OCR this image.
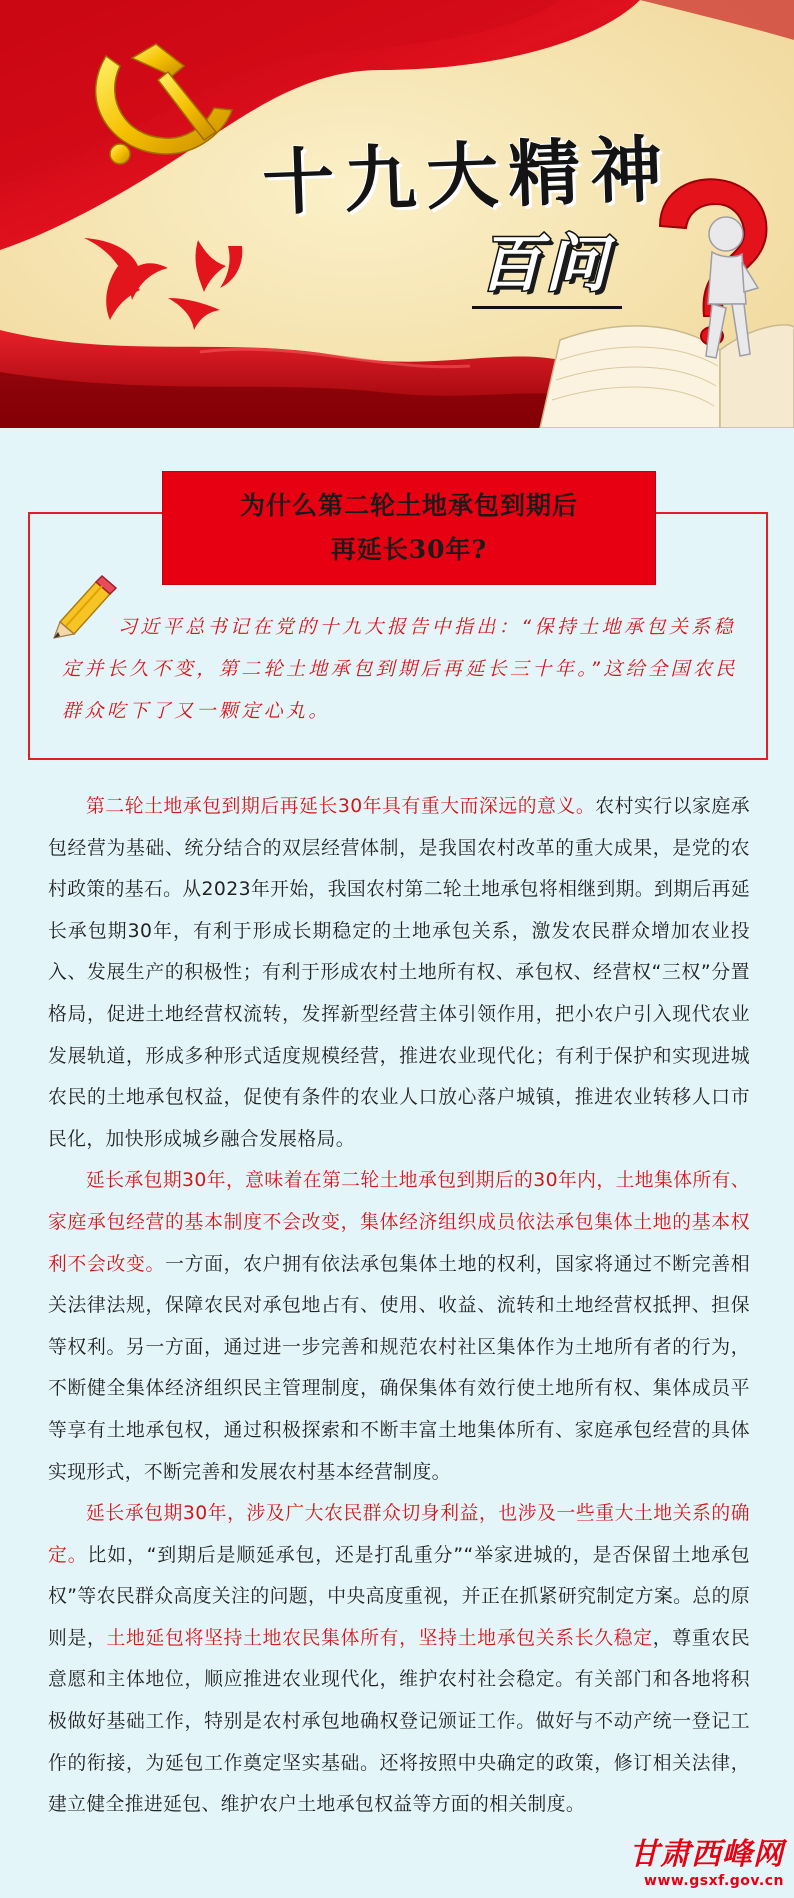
十九大精神
百问
为什么第二轮土地承包到期后
再延长30年?

习近平总书记在党的十九大报告中指出：“保持土地承包关系稳定并长久不变，第二轮土地承包到期后再延长三十年。”这给全国农民群众吃下了又一颗定心丸。

第二轮土地承包到期后再延长30年具有重大而深远的意义。农村实行以家庭承包经营为基础、统分结合的双层经营体制，是我国农村改革的重大成果，是党的农村政策的基石。从2023年开始，我国农村第二轮土地承包将相继到期。到期后再延长承包期30年，有利于形成长期稳定的土地承包关系，激发农民群众增加农业投入、发展生产的积极性；有利于形成农村土地所有权、承包权、经营权“三权”分置格局，促进土地经营权流转，发挥新型经营主体引领作用，把小农户引入现代农业发展轨道，形成多种形式适度规模经营，推进农业现代化；有利于保护和实现进城农民的土地承包权益，促使有条件的农业人口放心落户城镇，推进农业转移人口市民化，加快形成城乡融合发展格局。

延长承包期30年，意味着在第二轮土地承包到期后的30年内，土地集体所有、家庭承包经营的基本制度不会改变，集体经济组织成员依法承包集体土地的基本权利不会改变。一方面，农户拥有依法承包集体土地的权利，国家将通过不断完善相关法律法规，保障农民对承包地占有、使用、收益、流转和土地经营权抵押、担保等权利。另一方面，通过进一步完善和规范农村社区集体作为土地所有者的行为，不断健全集体经济组织民主管理制度，确保集体有效行使土地所有权、集体成员平等享有土地承包权，通过积极探索和不断丰富土地集体所有、家庭承包经营的具体实现形式，不断完善和发展农村基本经营制度。

延长承包期30年，涉及广大农民群众切身利益，也涉及一些重大土地关系的确定。比如，“到期后是顺延承包，还是打乱重分”“举家进城的，是否保留土地承包权”等农民群众高度关注的问题，中央高度重视，并正在抓紧研究制定方案。总的原则是，土地延包将坚持土地农民集体所有，坚持土地承包关系长久稳定，尊重农民意愿和主体地位，顺应推进农业现代化，维护农村社会稳定。有关部门和各地将积极做好基础工作，特别是农村承包地确权登记颁证工作。做好与不动产统一登记工作的衔接，为延包工作奠定坚实基础。还将按照中央确定的政策，修订相关法律，建立健全推进延包、维护农户土地承包权益等方面的相关制度。

甘肃西峰网
www.gsxf.gov.cn
